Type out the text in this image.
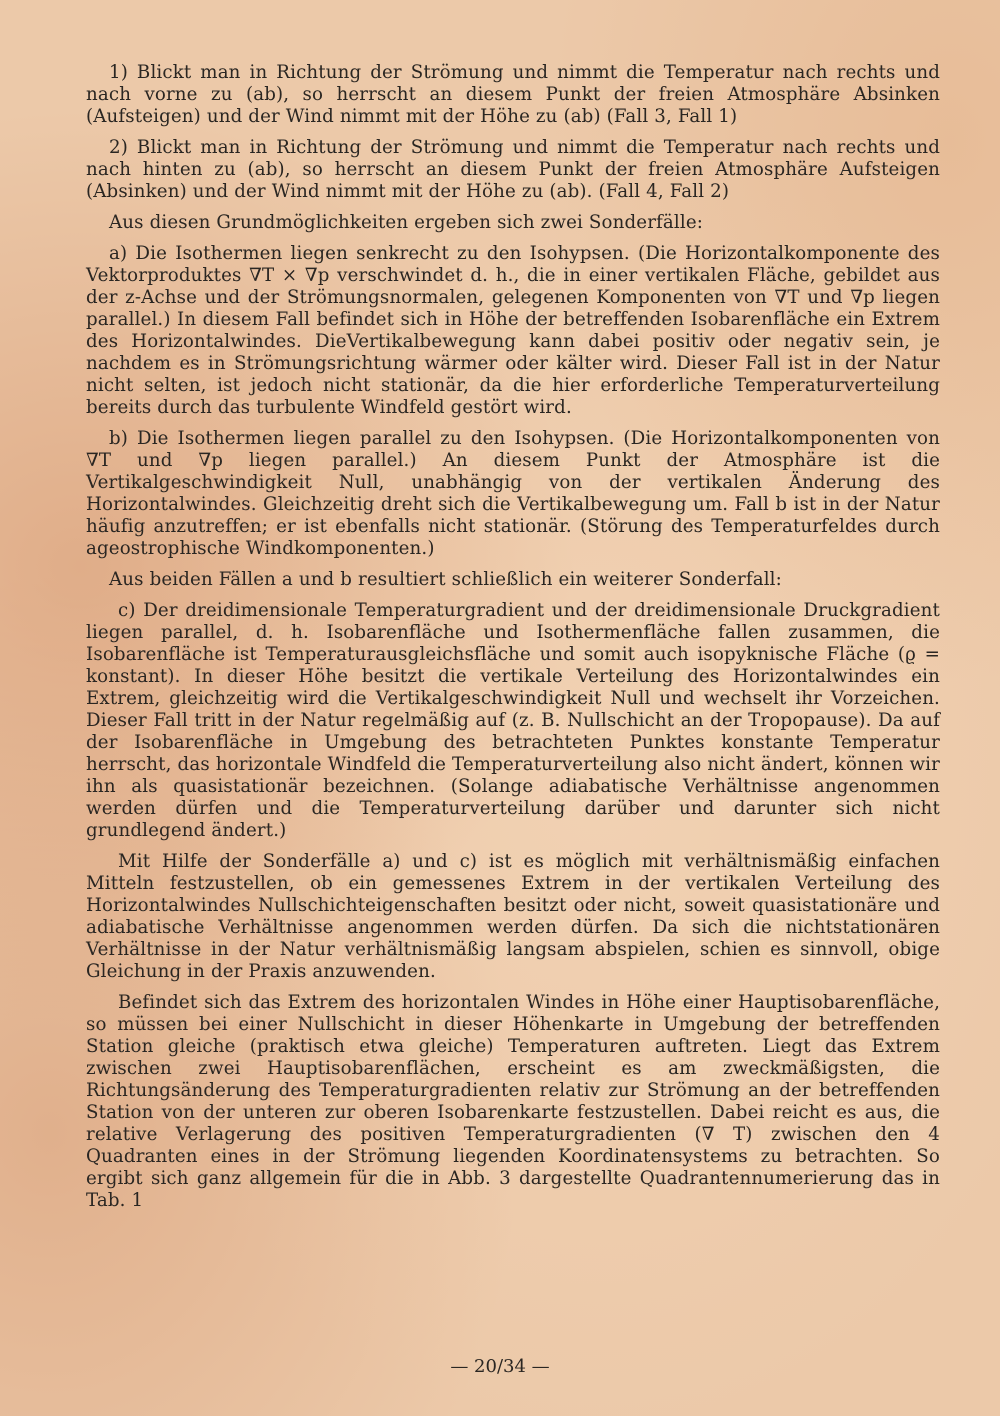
1) Blickt man in Richtung der Strömung und nimmt die Temperatur nach rechts und nach vorne zu (ab), so herrscht an diesem Punkt der freien Atmosphäre Absinken (Aufsteigen) und der Wind nimmt mit der Höhe zu (ab) (Fall 3, Fall 1)

2) Blickt man in Richtung der Strömung und nimmt die Temperatur nach rechts und nach hinten zu (ab), so herrscht an diesem Punkt der freien Atmosphäre Aufsteigen (Absinken) und der Wind nimmt mit der Höhe zu (ab). (Fall 4, Fall 2)

Aus diesen Grundmöglichkeiten ergeben sich zwei Sonderfälle:

a) Die Isothermen liegen senkrecht zu den Isohypsen. (Die Horizontalkomponente des Vektorproduktes ∇T × ∇p verschwindet d. h., die in einer vertikalen Fläche, gebildet aus der z-Achse und der Strömungsnormalen, gelegenen Komponenten von ∇T und ∇p liegen parallel.) In diesem Fall befindet sich in Höhe der betreffenden Isobarenfläche ein Extrem des Horizontalwindes. DieVertikalbewegung kann dabei positiv oder negativ sein, je nachdem es in Strömungsrichtung wärmer oder kälter wird. Dieser Fall ist in der Natur nicht selten, ist jedoch nicht stationär, da die hier erforderliche Temperaturverteilung bereits durch das turbulente Windfeld gestört wird.

b) Die Isothermen liegen parallel zu den Isohypsen. (Die Horizontalkomponenten von ∇T und ∇p liegen parallel.) An diesem Punkt der Atmosphäre ist die Vertikalgeschwindigkeit Null, unabhängig von der vertikalen Änderung des Horizontalwindes. Gleichzeitig dreht sich die Vertikalbewegung um. Fall b ist in der Natur häufig anzutreffen; er ist ebenfalls nicht stationär. (Störung des Temperaturfeldes durch ageostrophische Windkomponenten.)

Aus beiden Fällen a und b resultiert schließlich ein weiterer Sonderfall:

c) Der dreidimensionale Temperaturgradient und der dreidimensionale Druckgradient liegen parallel, d. h. Isobarenfläche und Isothermenfläche fallen zusammen, die Isobarenfläche ist Temperaturausgleichsfläche und somit auch isopyknische Fläche (ϱ = konstant). In dieser Höhe besitzt die vertikale Verteilung des Horizontalwindes ein Extrem, gleichzeitig wird die Vertikalgeschwindigkeit Null und wechselt ihr Vorzeichen. Dieser Fall tritt in der Natur regelmäßig auf (z. B. Nullschicht an der Tropopause). Da auf der Isobarenfläche in Umgebung des betrachteten Punktes konstante Temperatur herrscht, das horizontale Windfeld die Temperaturverteilung also nicht ändert, können wir ihn als quasistationär bezeichnen. (Solange adiabatische Verhältnisse angenommen werden dürfen und die Temperaturverteilung darüber und darunter sich nicht grundlegend ändert.)

Mit Hilfe der Sonderfälle a) und c) ist es möglich mit verhältnismäßig einfachen Mitteln festzustellen, ob ein gemessenes Extrem in der vertikalen Verteilung des Horizontalwindes Nullschichteigenschaften besitzt oder nicht, soweit quasistationäre und adiabatische Verhältnisse angenommen werden dürfen. Da sich die nichtstationären Verhältnisse in der Natur verhältnismäßig langsam abspielen, schien es sinnvoll, obige Gleichung in der Praxis anzuwenden.

Befindet sich das Extrem des horizontalen Windes in Höhe einer Hauptisobarenfläche, so müssen bei einer Nullschicht in dieser Höhenkarte in Umgebung der betreffenden Station gleiche (praktisch etwa gleiche) Temperaturen auftreten. Liegt das Extrem zwischen zwei Hauptisobarenflächen, erscheint es am zweckmäßigsten, die Richtungsänderung des Temperaturgradienten relativ zur Strömung an der betreffenden Station von der unteren zur oberen Isobarenkarte festzustellen. Dabei reicht es aus, die relative Verlagerung des positiven Temperaturgradienten (∇ T) zwischen den 4 Quadranten eines in der Strömung liegenden Koordinatensystems zu betrachten. So ergibt sich ganz allgemein für die in Abb. 3 dargestellte Quadrantennumerierung das in Tab. 1

— 20/34 —
